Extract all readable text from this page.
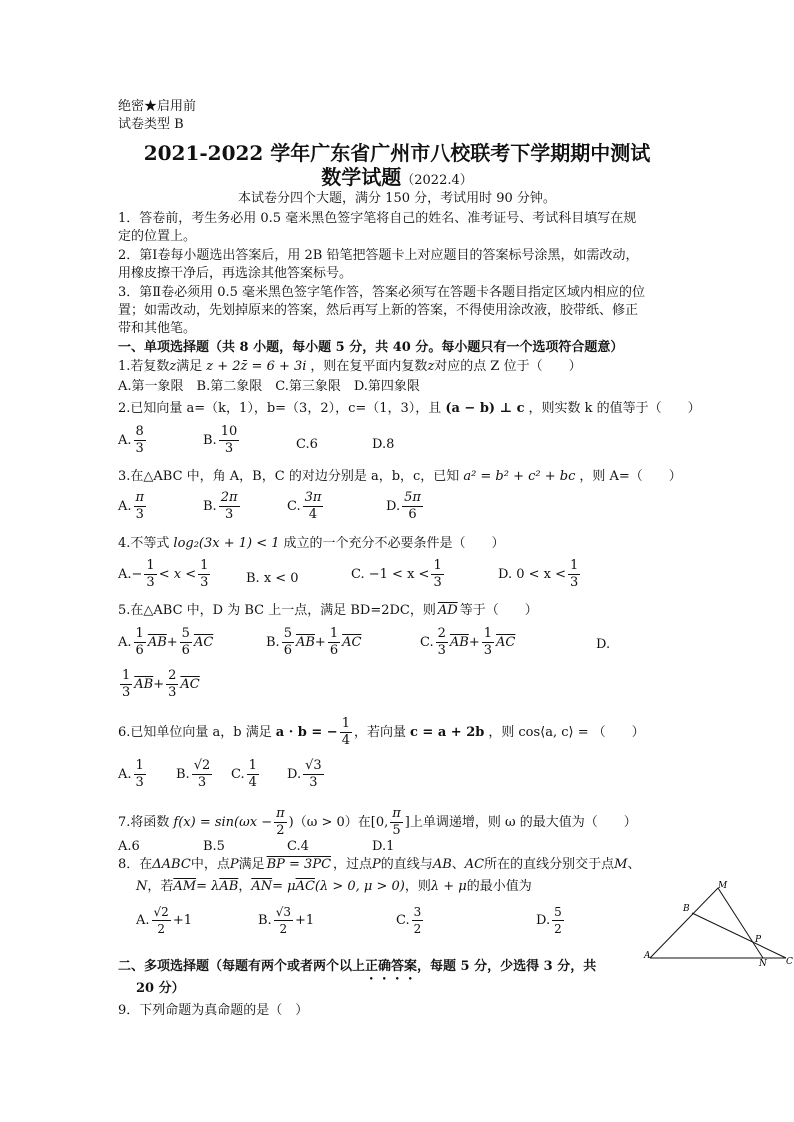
绝密★启用前
试卷类型 B
2021-2022 学年广东省广州市八校联考下学期期中测试
数学试题（2022.4）
本试卷分四个大题，满分 150 分，考试用时 90 分钟。
1．答卷前，考生务必用 0.5 毫米黑色签字笔将自己的姓名、准考证号、考试科目填写在规
定的位置上。
2．第Ⅰ卷每小题选出答案后，用 2B 铅笔把答题卡上对应题目的答案标号涂黑，如需改动，
用橡皮擦干净后，再选涂其他答案标号。
3．第Ⅱ卷必须用 0.5 毫米黑色签字笔作答，答案必须写在答题卡各题目指定区域内相应的位
置；如需改动，先划掉原来的答案，然后再写上新的答案，不得使用涂改液，胶带纸、修正
带和其他笔。
一、单项选择题（共 8 小题，每小题 5 分，共 40 分。每小题只有一个选项符合题意）
1.若复数z满足 z + 2z̄ = 6 + 3i ，则在复平面内复数z对应的点 Z 位于（　　）
A.第一象限　B.第二象限　C.第三象限　D.第四象限
2.已知向量 a=（k，1），b=（3，2），c=（1，3），且 (a − b) ⊥ c ，则实数 k 的值等于（　　）
A. $\frac{8}{3}$	B. $\frac{10}{3}$	C.6	D.8
3.在△ABC 中，角 A，B，C 的对边分别是 a，b，c，已知 a² = b² + c² + bc ，则 A=（　　）
A. $\frac{\pi}{3}$	B. $\frac{2\pi}{3}$	C. $\frac{3\pi}{4}$	D. $\frac{5\pi}{6}$
4.不等式 log₂(3x + 1) < 1 成立的一个充分不必要条件是（　　）
$A.- \frac{1}{3} < x < \frac{1}{3}$	B. x < 0	C. $-1 < x < \frac{1}{3}$	D. $0 < x < \frac{1}{3}$
5.在△ABC 中，D 为 BC 上一点，满足 BD=2DC，则 $\overline{AD}$ 等于（　　）
A. $\frac{1}{6} \overline{AB}+ \frac{5}{6} \overline{AC}$	B. $\frac{5}{6} \overline{AB}+ \frac{1}{6} \overline{AC}$	C. $\frac{2}{3} \overline{AB}+ \frac{1}{3} \overline{AC}$	D.
$\frac{1}{3} \overline{AB}+ \frac{2}{3} \overline{AC}$
6.已知单位向量 a，b 满足 a · b = − $\frac{1}{4}$ ，若向量 c = a + 2b ，则 cos⟨a, c⟩ = （　　）
A. $\frac{1}{3} B$. $\frac{√2}{3} C$. $\frac{1}{4} D$. $\frac{√3}{3}$
7.将函数 $f(x) = \sin(\omega x - \frac{\pi}{2} )(\omega > 0)$在[0, $\frac{\pi}{5}$ ]上单调递增，则 ω 的最大值为（　　）
A.6	B.5	C.4	D.1
8．在ΔABC中，点P满足 BP = 3PC ，过点P的直线与AB、AC所在的直线分别交于点M、
N，若$\overline{AM}= \lambda\overline{AB}$，$\overline{AN}= \mu\overline{AC}(\lambda > 0$, μ > 0)，则λ + μ的最小值为
A. $\frac{√2}{2} +1$	B. $\frac{√3}{2} +1$	C. $\frac{3}{2}$	D. $\frac{5}{2}$
A
B
C
M
N
P
二、多项选择题（每题有两个或者两个以上正确答案，每题 5 分，少选得 3 分，共
20 分）
9．下列命题为真命题的是（　）
